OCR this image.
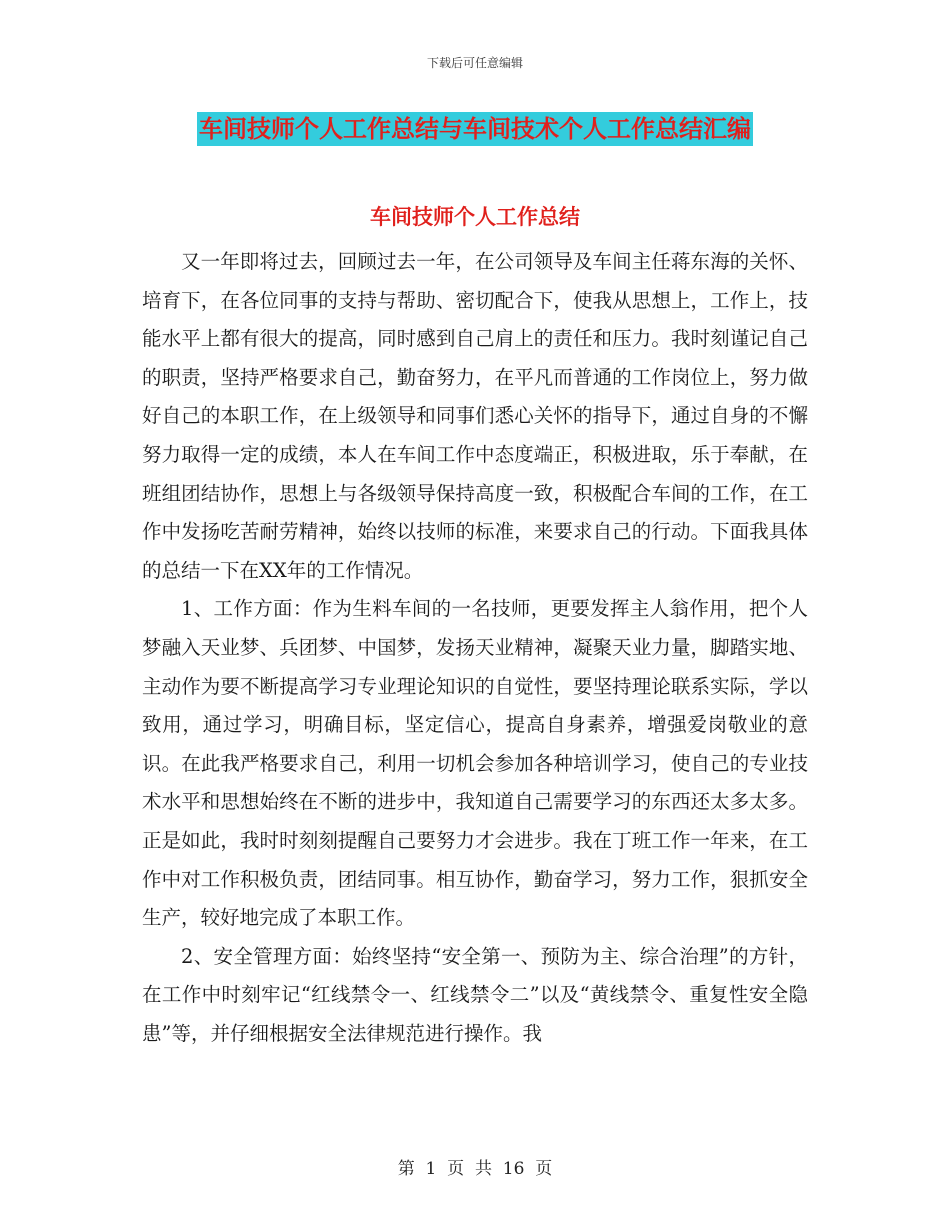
下载后可任意编辑
车间技师个人工作总结与车间技术个人工作总结汇编
车间技师个人工作总结

又一年即将过去，回顾过去一年，在公司领导及车间主任蒋东海的关怀、培育下，在各位同事的支持与帮助、密切配合下，使我从思想上，工作上，技能水平上都有很大的提高，同时感到自己肩上的责任和压力。我时刻谨记自己的职责，坚持严格要求自己，勤奋努力，在平凡而普通的工作岗位上，努力做好自己的本职工作，在上级领导和同事们悉心关怀的指导下，通过自身的不懈努力取得一定的成绩，本人在车间工作中态度端正，积极进取，乐于奉献，在班组团结协作，思想上与各级领导保持高度一致，积极配合车间的工作，在工作中发扬吃苦耐劳精神，始终以技师的标准，来要求自己的行动。下面我具体的总结一下在XX年的工作情况。

1、工作方面：作为生料车间的一名技师，更要发挥主人翁作用，把个人梦融入天业梦、兵团梦、中国梦，发扬天业精神，凝聚天业力量，脚踏实地、主动作为要不断提高学习专业理论知识的自觉性，要坚持理论联系实际，学以致用，通过学习，明确目标，坚定信心，提高自身素养，增强爱岗敬业的意识。在此我严格要求自己，利用一切机会参加各种培训学习，使自己的专业技术水平和思想始终在不断的进步中，我知道自己需要学习的东西还太多太多。正是如此，我时时刻刻提醒自己要努力才会进步。我在丁班工作一年来，在工作中对工作积极负责，团结同事。相互协作，勤奋学习，努力工作，狠抓安全生产，较好地完成了本职工作。

2、安全管理方面：始终坚持“安全第一、预防为主、综合治理”的方针，在工作中时刻牢记“红线禁令一、红线禁令二”以及“黄线禁令、重复性安全隐患”等，并仔细根据安全法律规范进行操作。我

第  1  页  共  16  页
